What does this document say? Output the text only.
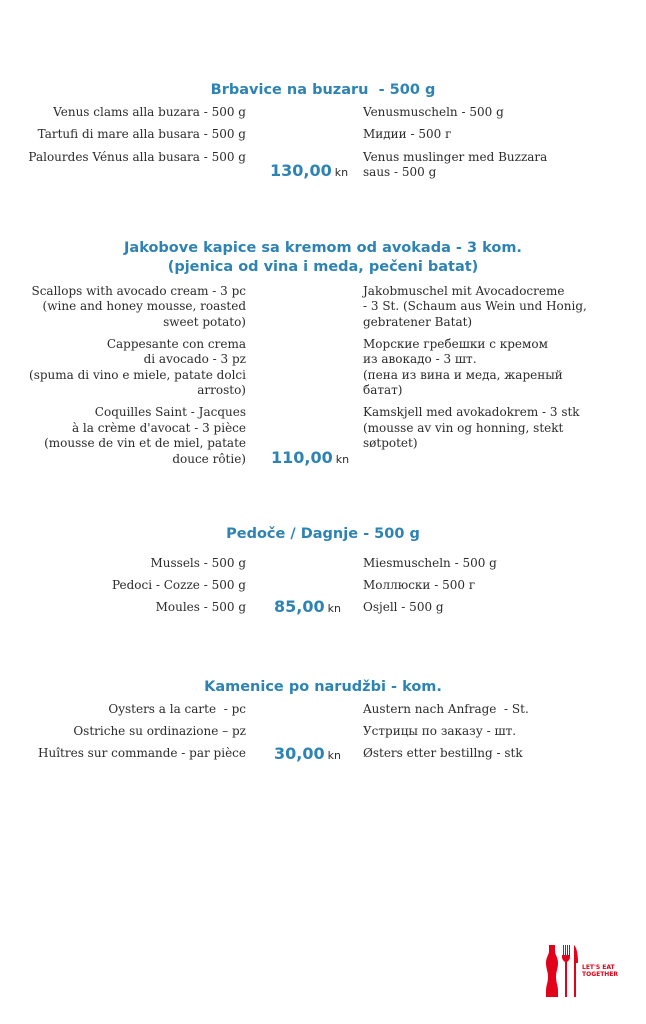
Brbavice na buzaru  - 500 g
Venus clams alla buzara - 500 g
Tartufi di mare alla busara - 500 g
Palourdes Vénus alla busara - 500 g
Venusmuscheln - 500 g
Мидии - 500 г
Venus muslinger med Buzzara
saus - 500 g
130,00 kn
Jakobove kapice sa kremom od avokada - 3 kom.
(pjenica od vina i meda, pečeni batat)
Scallops with avocado cream - 3 pc
(wine and honey mousse, roasted
sweet potato)
Cappesante con crema
di avocado - 3 pz
(spuma di vino e miele, patate dolci
arrosto)
Coquilles Saint - Jacques
à la crème d'avocat - 3 pièce
(mousse de vin et de miel, patate
douce rôtie)
Jakobmuschel mit Avocadocreme
- 3 St. (Schaum aus Wein und Honig,
gebratener Batat)
Морские гребешки с кремом
из авокадо - 3 шт.
(пена из вина и меда, жареный
батат)
Kamskjell med avokadokrem - 3 stk
(mousse av vin og honning, stekt
søtpotet)
110,00 kn
Pedoče / Dagnje - 500 g
Mussels - 500 g
Pedoci - Cozze - 500 g
Moules - 500 g
Miesmuscheln - 500 g
Моллюски - 500 г
Osjell - 500 g
85,00 kn
Kamenice po narudžbi - kom.
Oysters a la carte  - pc
Ostriche su ordinazione – pz
Huîtres sur commande - par pièce
Austern nach Anfrage  - St.
Устрицы по заказу - шт.
Østers etter bestillng - stk
30,00 kn
LET'S EAT
TOGETHER
